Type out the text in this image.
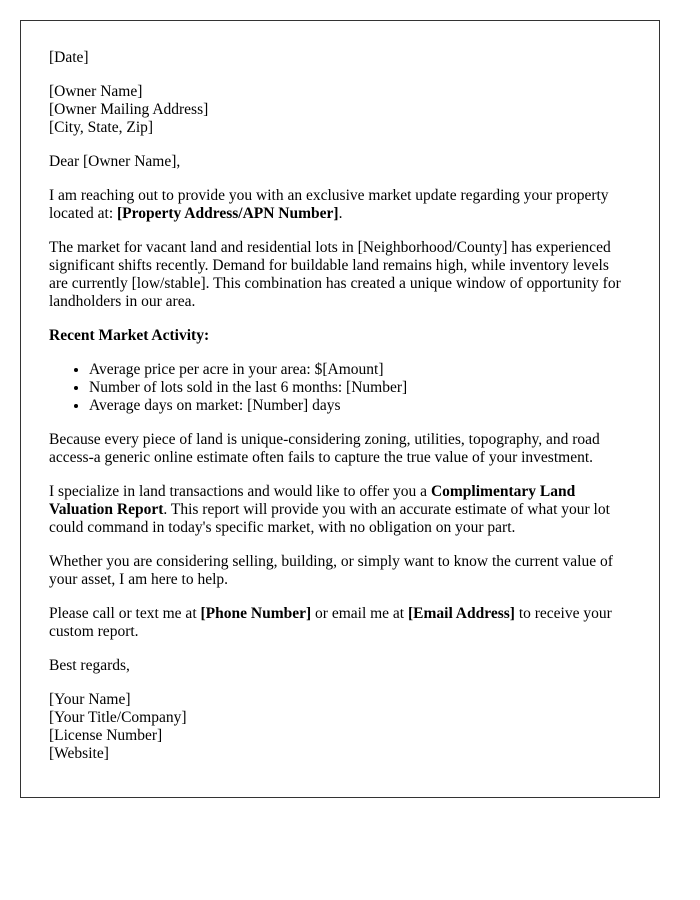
[Date]

[Owner Name]
[Owner Mailing Address]
[City, State, Zip]

Dear [Owner Name],

I am reaching out to provide you with an exclusive market update regarding your property located at: [Property Address/APN Number].

The market for vacant land and residential lots in [Neighborhood/County] has experienced significant shifts recently. Demand for buildable land remains high, while inventory levels are currently [low/stable]. This combination has created a unique window of opportunity for landholders in our area.

Recent Market Activity:

• Average price per acre in your area: $[Amount]
• Number of lots sold in the last 6 months: [Number]
• Average days on market: [Number] days

Because every piece of land is unique-considering zoning, utilities, topography, and road access-a generic online estimate often fails to capture the true value of your investment.

I specialize in land transactions and would like to offer you a Complimentary Land Valuation Report. This report will provide you with an accurate estimate of what your lot could command in today's specific market, with no obligation on your part.

Whether you are considering selling, building, or simply want to know the current value of your asset, I am here to help.

Please call or text me at [Phone Number] or email me at [Email Address] to receive your custom report.

Best regards,

[Your Name]
[Your Title/Company]
[License Number]
[Website]
